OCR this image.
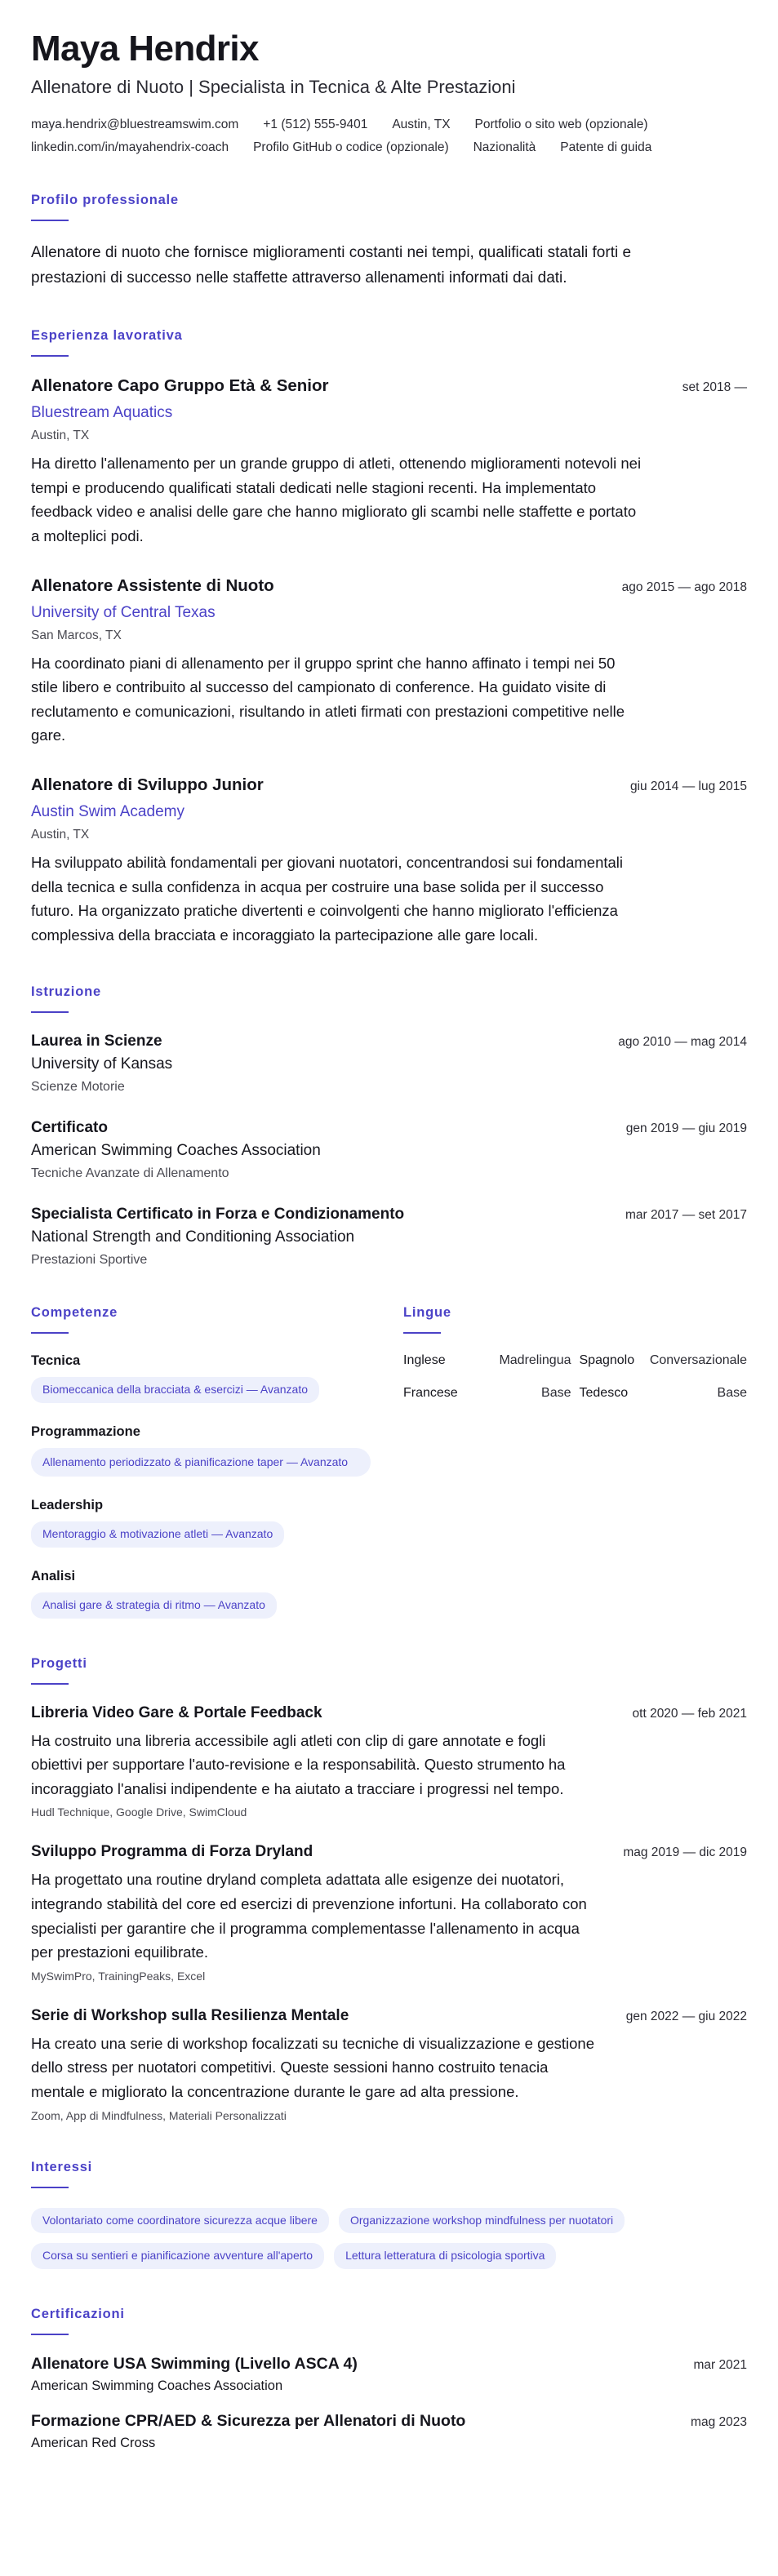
Maya Hendrix
Allenatore di Nuoto | Specialista in Tecnica & Alte Prestazioni
maya.hendrix@bluestreamswim.com +1 (512) 555-9401 Austin, TX Portfolio o sito web (opzionale)
linkedin.com/in/mayahendrix-coach Profilo GitHub o codice (opzionale) Nazionalità Patente di guida
Profilo professionale

Allenatore di nuoto che fornisce miglioramenti costanti nei tempi, qualificati statali forti e prestazioni di successo nelle staffette attraverso allenamenti informati dai dati.

Esperienza lavorativa
Allenatore Capo Gruppo Età & Senior	set 2018 —
Bluestream Aquatics
Austin, TX
Ha diretto l'allenamento per un grande gruppo di atleti, ottenendo miglioramenti notevoli nei tempi e producendo qualificati statali dedicati nelle stagioni recenti. Ha implementato feedback video e analisi delle gare che hanno migliorato gli scambi nelle staffette e portato a molteplici podi.
Allenatore Assistente di Nuoto	ago 2015 — ago 2018
University of Central Texas
San Marcos, TX
Ha coordinato piani di allenamento per il gruppo sprint che hanno affinato i tempi nei 50 stile libero e contribuito al successo del campionato di conference. Ha guidato visite di reclutamento e comunicazioni, risultando in atleti firmati con prestazioni competitive nelle gare.
Allenatore di Sviluppo Junior	giu 2014 — lug 2015
Austin Swim Academy
Austin, TX
Ha sviluppato abilità fondamentali per giovani nuotatori, concentrandosi sui fondamentali della tecnica e sulla confidenza in acqua per costruire una base solida per il successo futuro. Ha organizzato pratiche divertenti e coinvolgenti che hanno migliorato l'efficienza complessiva della bracciata e incoraggiato la partecipazione alle gare locali.
Istruzione
Laurea in Scienze	ago 2010 — mag 2014
University of Kansas
Scienze Motorie
Certificato	gen 2019 — giu 2019
American Swimming Coaches Association
Tecniche Avanzate di Allenamento
Specialista Certificato in Forza e Condizionamento	mar 2017 — set 2017
National Strength and Conditioning Association
Prestazioni Sportive
Competenze
Tecnica
Biomeccanica della bracciata & esercizi — Avanzato
Programmazione
Allenamento periodizzato & pianificazione taper — Avanzato
Leadership
Mentoraggio & motivazione atleti — Avanzato
Analisi
Analisi gare & strategia di ritmo — Avanzato
Lingue
Inglese	Madrelingua Spagnolo Conversazionale
Francese	Base Tedesco	Base
Progetti
Libreria Video Gare & Portale Feedback	ott 2020 — feb 2021
Ha costruito una libreria accessibile agli atleti con clip di gare annotate e fogli obiettivi per supportare l'auto-revisione e la responsabilità. Questo strumento ha incoraggiato l'analisi indipendente e ha aiutato a tracciare i progressi nel tempo.
Hudl Technique, Google Drive, SwimCloud
Sviluppo Programma di Forza Dryland	mag 2019 — dic 2019
Ha progettato una routine dryland completa adattata alle esigenze dei nuotatori, integrando stabilità del core ed esercizi di prevenzione infortuni. Ha collaborato con specialisti per garantire che il programma complementasse l'allenamento in acqua per prestazioni equilibrate.
MySwimPro, TrainingPeaks, Excel
Serie di Workshop sulla Resilienza Mentale	gen 2022 — giu 2022
Ha creato una serie di workshop focalizzati su tecniche di visualizzazione e gestione dello stress per nuotatori competitivi. Queste sessioni hanno costruito tenacia mentale e migliorato la concentrazione durante le gare ad alta pressione.
Zoom, App di Mindfulness, Materiali Personalizzati
Interessi
Volontariato come coordinatore sicurezza acque libere	Organizzazione workshop mindfulness per nuotatori
Corsa su sentieri e pianificazione avventure all'aperto	Lettura letteratura di psicologia sportiva
Certificazioni
Allenatore USA Swimming (Livello ASCA 4)	mar 2021
American Swimming Coaches Association
Formazione CPR/AED & Sicurezza per Allenatori di Nuoto	mag 2023
American Red Cross
